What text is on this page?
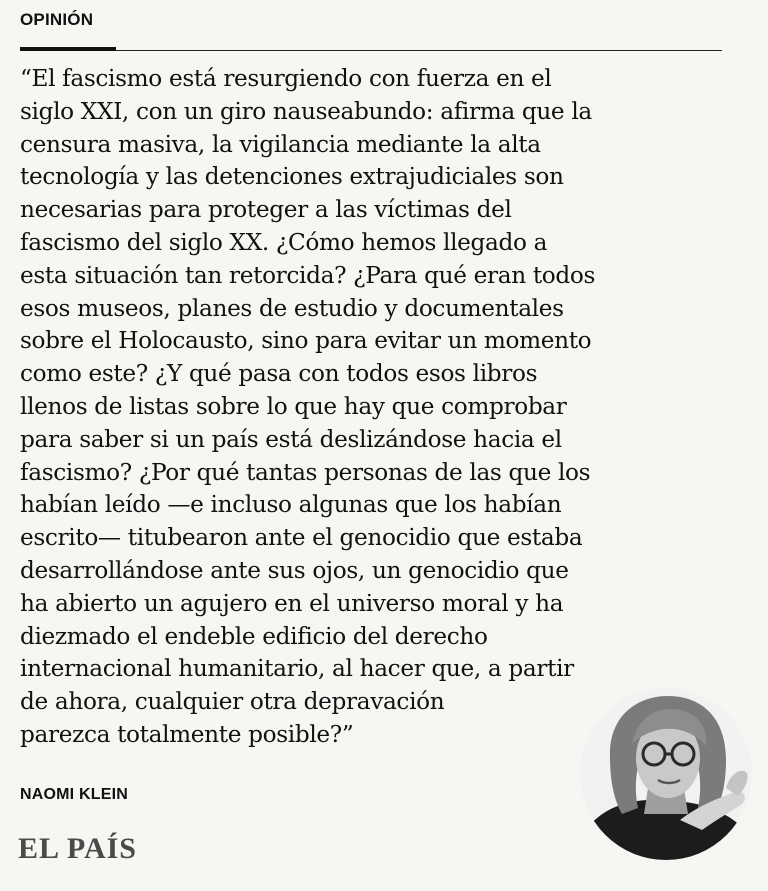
OPINIÓN
“El fascismo está resurgiendo con fuerza en el
siglo XXI, con un giro nauseabundo: afirma que la
censura masiva, la vigilancia mediante la alta
tecnología y las detenciones extrajudiciales son
necesarias para proteger a las víctimas del
fascismo del siglo XX. ¿Cómo hemos llegado a
esta situación tan retorcida? ¿Para qué eran todos
esos museos, planes de estudio y documentales
sobre el Holocausto, sino para evitar un momento
como este? ¿Y qué pasa con todos esos libros
llenos de listas sobre lo que hay que comprobar
para saber si un país está deslizándose hacia el
fascismo? ¿Por qué tantas personas de las que los
habían leído —e incluso algunas que los habían
escrito— titubearon ante el genocidio que estaba
desarrollándose ante sus ojos, un genocidio que
ha abierto un agujero en el universo moral y ha
diezmado el endeble edificio del derecho
internacional humanitario, al hacer que, a partir
de ahora, cualquier otra depravación
parezca totalmente posible?”
NAOMI KLEIN
EL PAÍS
